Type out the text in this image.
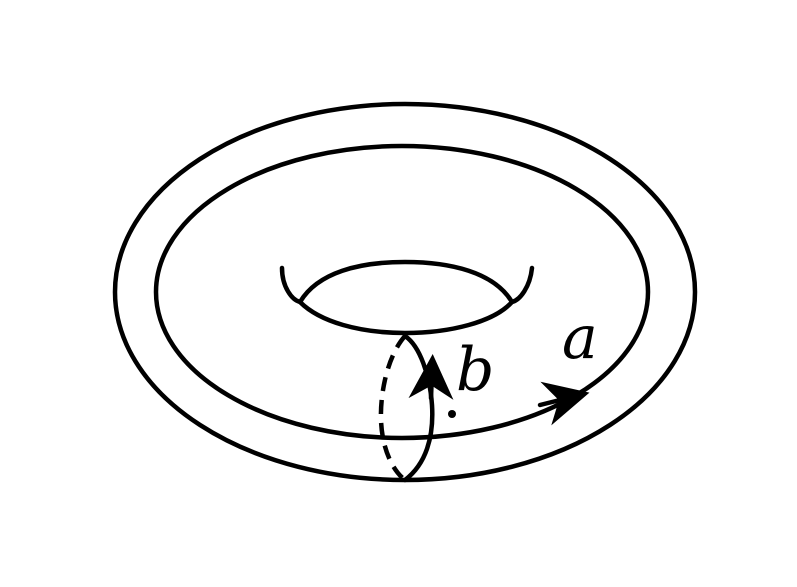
b a
